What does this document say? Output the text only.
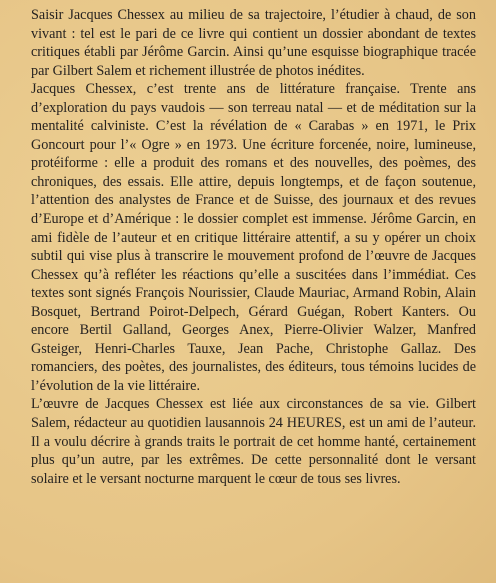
Saisir Jacques Chessex au milieu de sa trajectoire, l’étudier à chaud, de son vivant : tel est le pari de ce livre qui contient un dossier abondant de textes critiques établi par Jérôme Garcin. Ainsi qu’une esquisse biographique tracée par Gilbert Salem et richement illustrée de photos inédites.

Jacques Chessex, c’est trente ans de littérature française. Trente ans d’exploration du pays vaudois — son terreau natal — et de méditation sur la mentalité calviniste. C’est la révélation de « Carabas » en 1971, le Prix Goncourt pour l’« Ogre » en 1973. Une écriture forcenée, noire, lumineuse, protéiforme : elle a produit des romans et des nouvelles, des poèmes, des chroniques, des essais. Elle attire, depuis longtemps, et de façon soutenue, l’attention des analystes de France et de Suisse, des journaux et des revues d’Europe et d’Amérique : le dossier complet est immense. Jérôme Garcin, en ami fidèle de l’auteur et en critique littéraire attentif, a su y opérer un choix subtil qui vise plus à transcrire le mouvement profond de l’œuvre de Jacques Chessex qu’à refléter les réactions qu’elle a suscitées dans l’immédiat. Ces textes sont signés François Nourissier, Claude Mauriac, Armand Robin, Alain Bosquet, Bertrand Poirot-Delpech, Gérard Guégan, Robert Kanters. Ou encore Bertil Galland, Georges Anex, Pierre-Olivier Walzer, Manfred Gsteiger, Henri-Charles Tauxe, Jean Pache, Christophe Gallaz. Des romanciers, des poètes, des journalistes, des éditeurs, tous témoins lucides de l’évolution de la vie littéraire.

L’œuvre de Jacques Chessex est liée aux circonstances de sa vie. Gilbert Salem, rédacteur au quotidien lausannois 24 HEURES, est un ami de l’auteur. Il a voulu décrire à grands traits le portrait de cet homme hanté, certainement plus qu’un autre, par les extrêmes. De cette personnalité dont le versant solaire et le versant nocturne marquent le cœur de tous ses livres.
